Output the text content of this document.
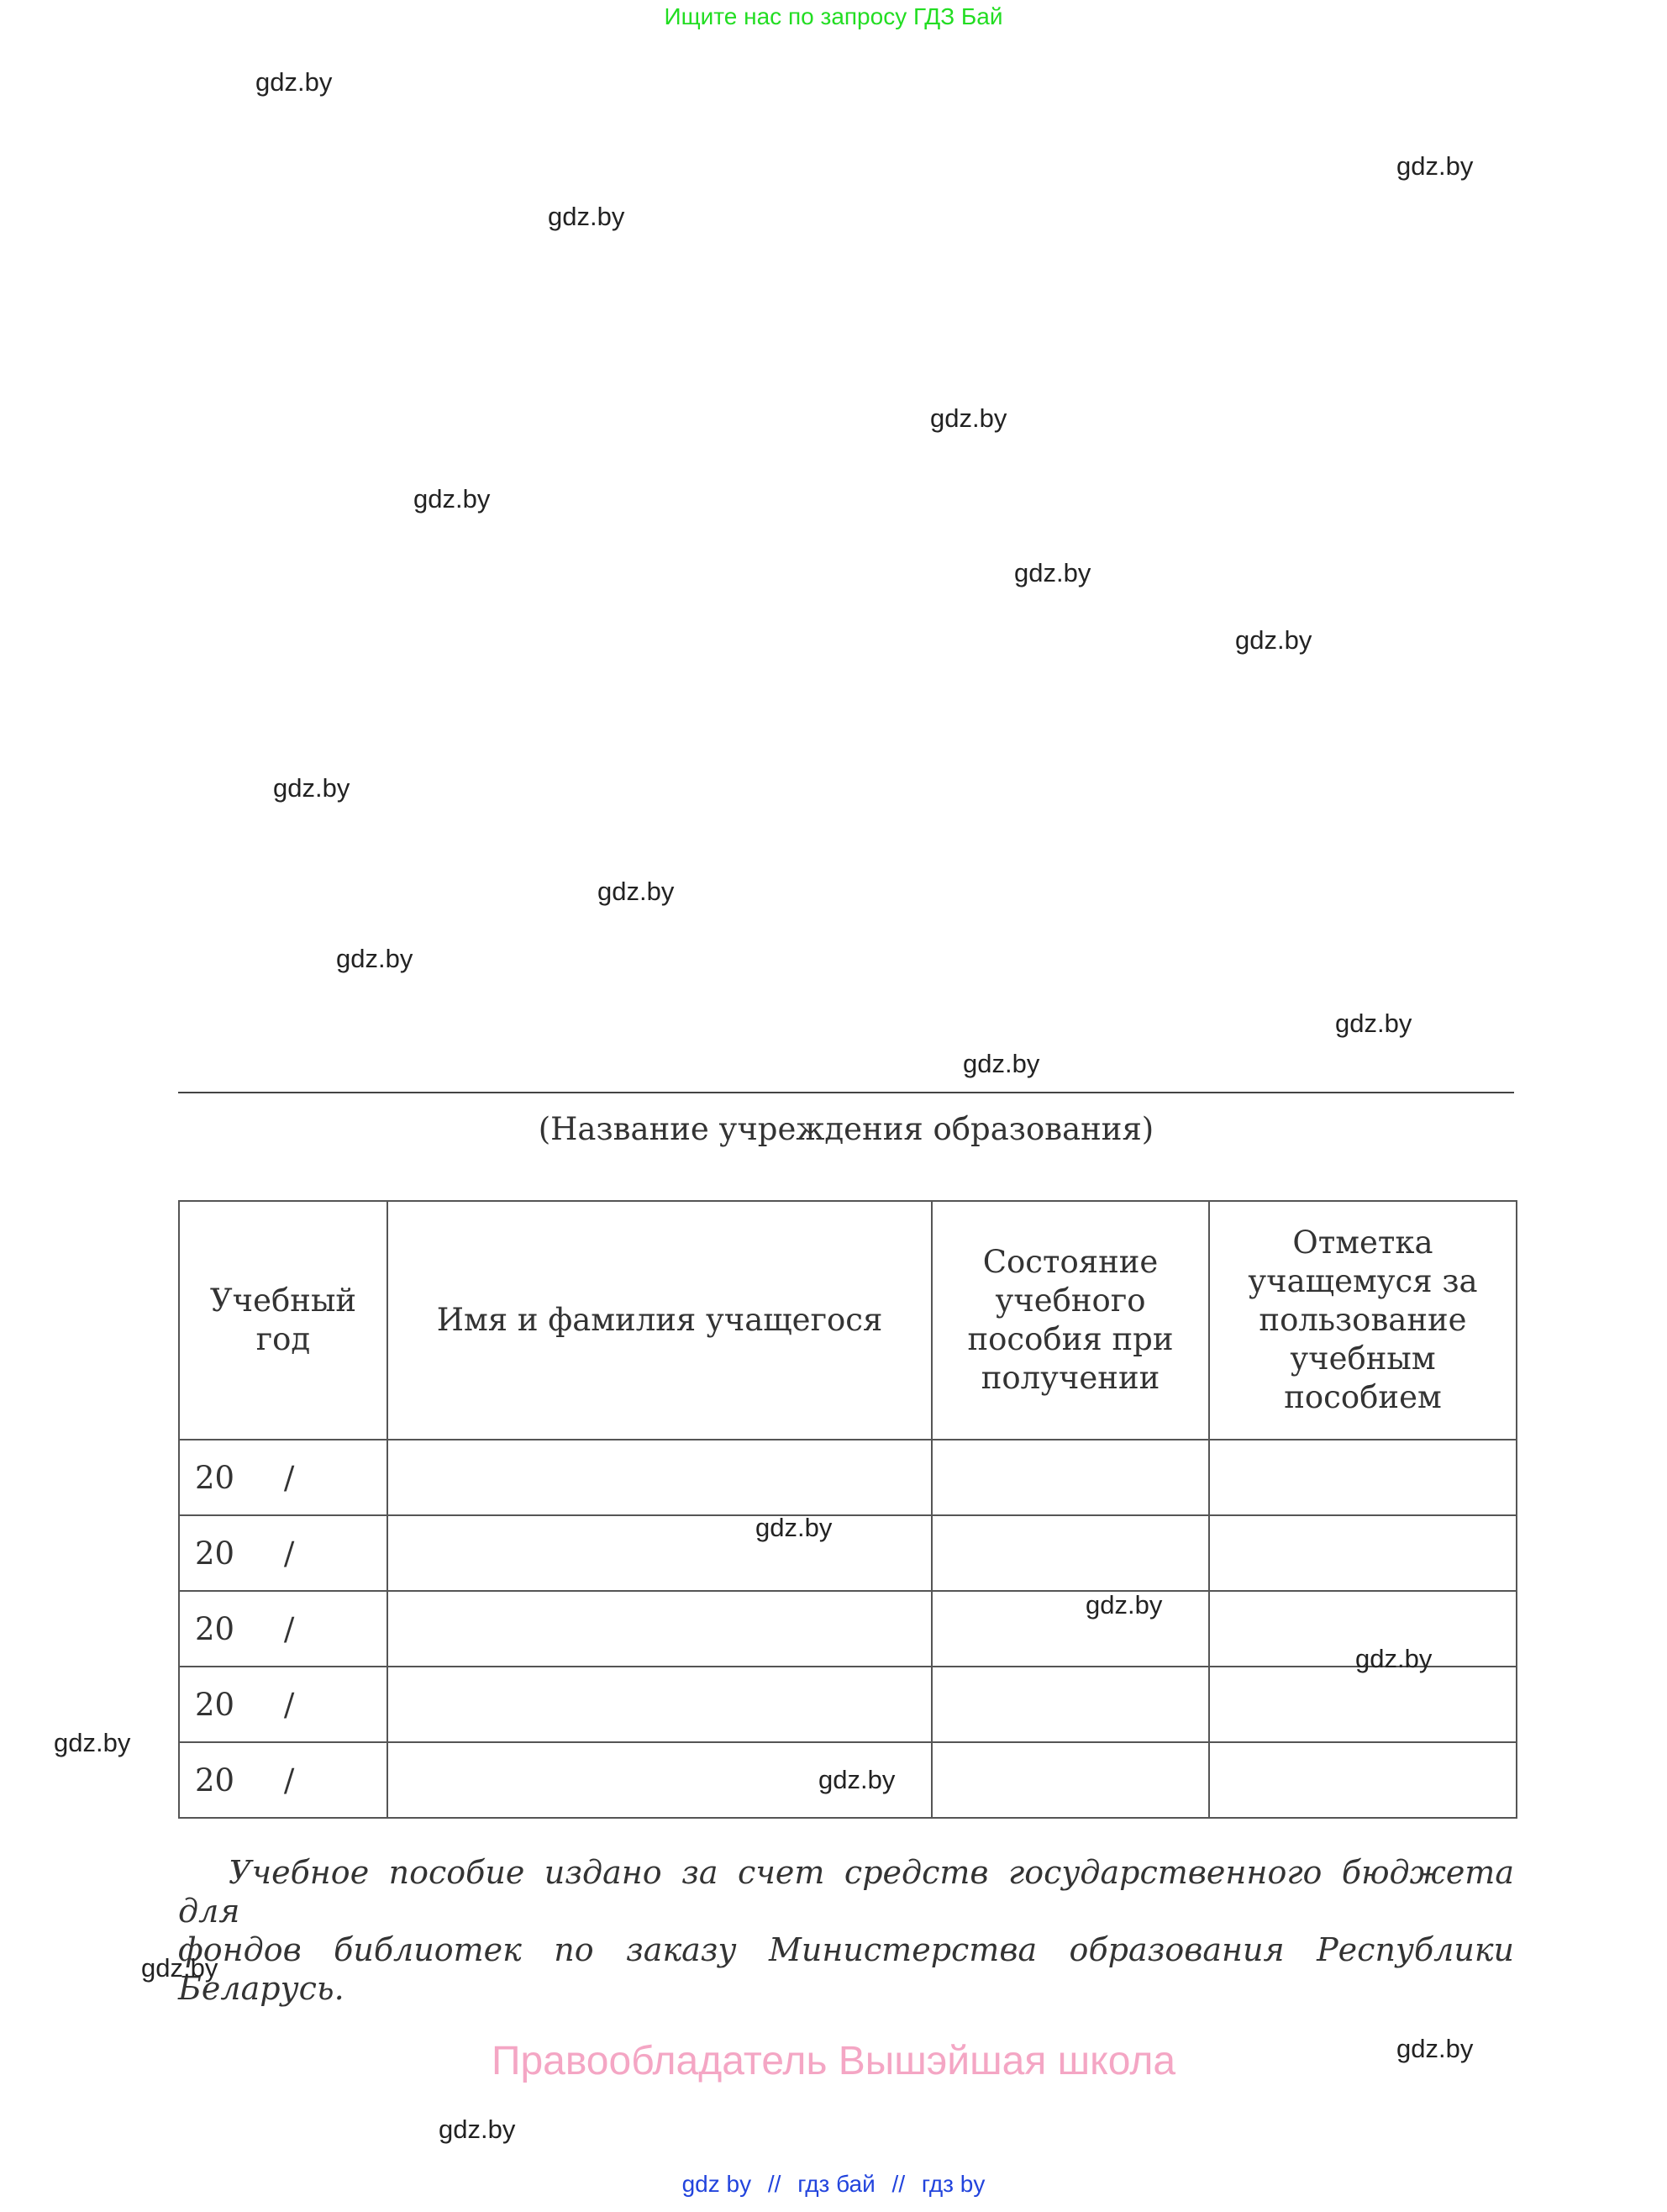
Ищите нас по запросу ГДЗ Бай
gdz.by
gdz.by
gdz.by
gdz.by
gdz.by
gdz.by
gdz.by
gdz.by
gdz.by
gdz.by
gdz.by
gdz.by
(Название учреждения образования)
Учебный год	Имя и фамилия учащегося	Состояние учебного пособия при получении	Отметка учащемуся за пользование учебным пособием
20     /			
20     /			
20     /			
20     /			
20     /			
gdz.by
gdz.by
gdz.by
gdz.by
gdz.by
Учебное пособие издано за счет средств государственного бюджета для
фондов библиотек по заказу Министерства образования Республики Беларусь.
gdz.by
gdz.by
gdz.by
Правообладатель Вышэйшая школа
gdz by // гдз бай // гдз by
